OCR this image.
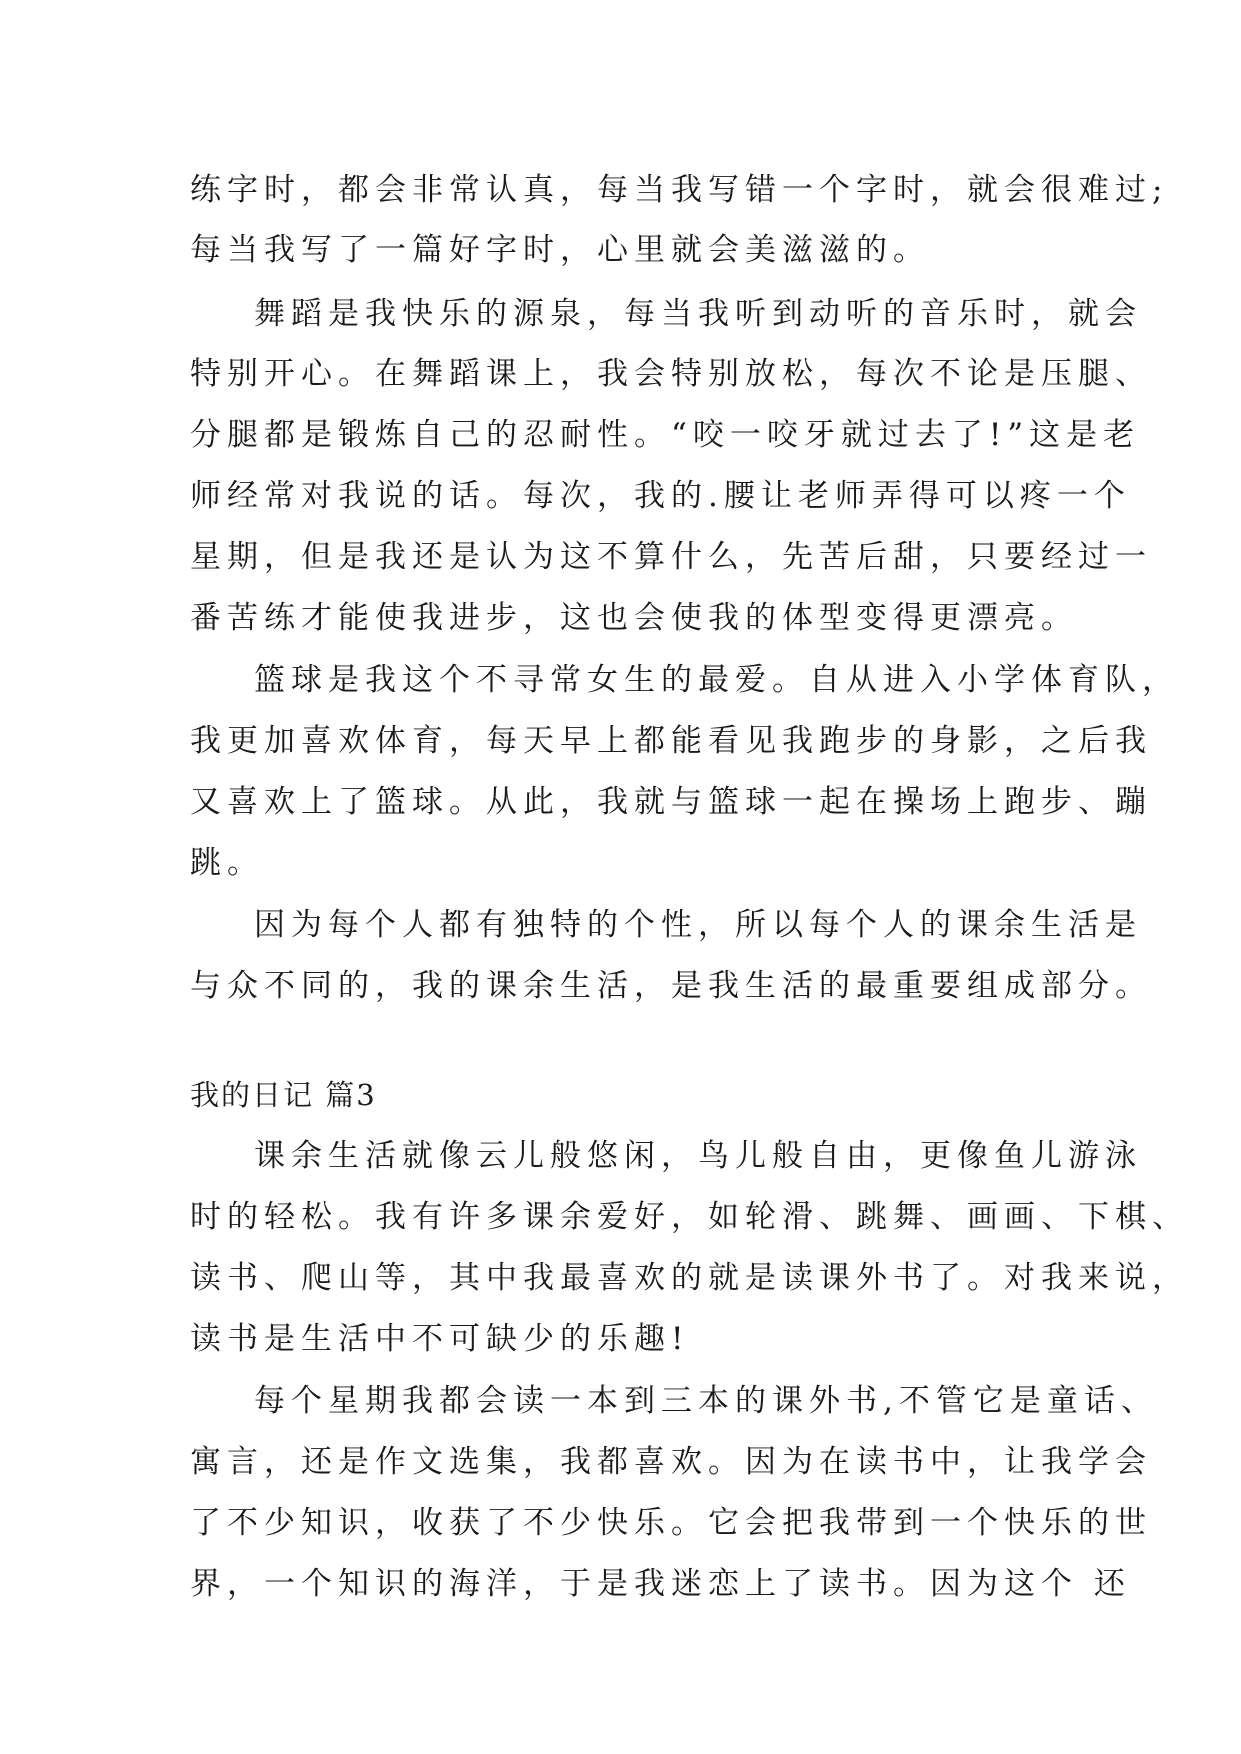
练字时，都会非常认真，每当我写错一个字时，就会很难过;
每当我写了一篇好字时，心里就会美滋滋的。
舞蹈是我快乐的源泉，每当我听到动听的音乐时，就会
特别开心。在舞蹈课上，我会特别放松，每次不论是压腿、
分腿都是锻炼自己的忍耐性。“咬一咬牙就过去了!”这是老
师经常对我说的话。每次，我的.腰让老师弄得可以疼一个
星期，但是我还是认为这不算什么，先苦后甜，只要经过一
番苦练才能使我进步，这也会使我的体型变得更漂亮。
篮球是我这个不寻常女生的最爱。自从进入小学体育队，
我更加喜欢体育，每天早上都能看见我跑步的身影，之后我
又喜欢上了篮球。从此，我就与篮球一起在操场上跑步、蹦
跳。
因为每个人都有独特的个性，所以每个人的课余生活是
与众不同的，我的课余生活，是我生活的最重要组成部分。
我的日记 篇3
课余生活就像云儿般悠闲，鸟儿般自由，更像鱼儿游泳
时的轻松。我有许多课余爱好，如轮滑、跳舞、画画、下棋、
读书、爬山等，其中我最喜欢的就是读课外书了。对我来说，
读书是生活中不可缺少的乐趣!
每个星期我都会读一本到三本的课外书,不管它是童话、
寓言，还是作文选集，我都喜欢。因为在读书中，让我学会
了不少知识，收获了不少快乐。它会把我带到一个快乐的世
界，一个知识的海洋，于是我迷恋上了读书。因为这个 还
